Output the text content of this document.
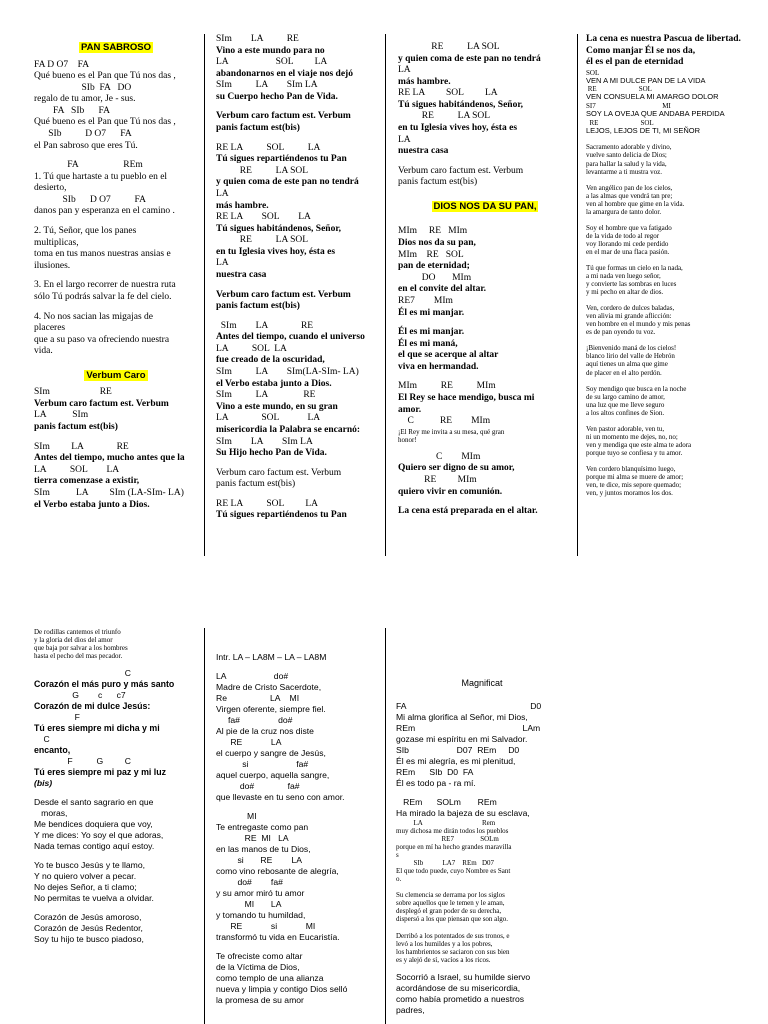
PAN SABROSO
FA D O7    FA
Qué bueno es el Pan que Tú nos das ,
SIb  FA   DO
regalo de tu amor, Je - sus.
FA   SIb      FA
Qué bueno es el Pan que Tú nos das ,
SIb          D O7      FA
el Pan sabroso que eres Tú.
FA                   REm
1. Tú que hartaste a tu pueblo en el
desierto,
SIb      D O7          FA
danos pan y esperanza en el camino .
2. Tú, Señor, que los panes
multiplicas,
toma en tus manos nuestras ansias e
ilusiones.
3. En el largo recorrer de nuestra ruta
sólo Tú podrás salvar la fe del cielo.
4. No nos sacian las migajas de
placeres
que a su paso va ofreciendo nuestra
vida.
Verbum Caro
SIm                     RE
Verbum caro factum est. Verbum
LA           SIm
panis factum est(bis)
SIm         LA              RE
Antes del tiempo, mucho antes que la
LA          SOL        LA
tierra comenzase a existir,
SIm           LA         SIm (LA-SIm- LA)
el Verbo estaba junto a Dios.
SIm        LA          RE
Vino a este mundo para no
LA                    SOL         LA
abandonarnos en el viaje nos dejó
SIm          LA        SIm LA
su Cuerpo hecho Pan de Vida.
Verbum caro factum est. Verbum
panis factum est(bis)
RE LA          SOL          LA
Tú sigues repartiéndenos tu Pan
RE          LA SOL
y quien coma de este pan no tendrá
LA
más hambre.
RE LA        SOL        LA
Tú sigues habitándenos, Señor,
RE          LA SOL
en tu Iglesia vives hoy, ésta es
LA
nuestra casa
Verbum caro factum est. Verbum
panis factum est(bis)
SIm        LA              RE
Antes del tiempo, cuando el universo
LA          SOL  LA
fue creado de la oscuridad,
SIm          LA        SIm(LA-SIm- LA)
el Verbo estaba junto a Dios.
SIm          LA               RE
Vino a este mundo, en su gran
LA              SOL            LA
misericordia la Palabra se encarnó:
SIm        LA        SIm LA
Su Hijo hecho Pan de Vida.
Verbum caro factum est. Verbum
panis factum est(bis)
RE LA          SOL         LA
Tú sigues repartiéndenos tu Pan
RE          LA SOL
y quien coma de este pan no tendrá
LA
más hambre.
RE LA         SOL         LA
Tú sigues habitándenos, Señor,
RE          LA SOL
en tu Iglesia vives hoy, ésta es
LA
nuestra casa
Verbum caro factum est. Verbum
panis factum est(bis)
DIOS NOS DA SU PAN,
MIm     RE   MIm
Dios nos da su pan,
MIm    RE   SOL
pan de eternidad;
DO       MIm
en el convite del altar.
RE7        MIm
Él es mi manjar.
Él es mi manjar.
Él es mi maná,
el que se acerque al altar
viva en hermandad.
MIm          RE          MIm
El Rey se hace mendigo, busca mi
amor.
C           RE        MIm
¡El Rey me invita a su mesa, qué gran
honor!
C        MIm
Quiero ser digno de su amor,
RE         MIm
quiero vivir en comunión.
La cena está preparada en el altar.
La cena es nuestra Pascua de libertad.
Como manjar Él se nos da,
él es el pan de eternidad
SOL
VEN A MI DULCE PAN DE LA VIDA
RE                        SOL
VEN CONSUELA MI AMARGO DOLOR
SI7                                      MI
SOY LA OVEJA QUE ANDABA PERDIDA
RE                        SOL
LEJOS, LEJOS DE TI, MI SEÑOR
Sacramento adorable y divino,
vuelve santo delicia de Dios;
para hallar la salud y la vida,
levantarme a ti mustra voz.
Ven angélico pan de los cielos,
a las almas que vendrá tan pre;
ven al hombre que gime en la vida.
la amargura de tanto dolor.
Soy el hombre que va fatigado
de la vida de todo al regor
voy llorando mi cede perdido
en el mar de una flaca pasión.
Tú que formas un cielo en la nada,
a mi nada ven luego señor,
y convierte las sombras en luces
y mi pecho en altar de dios.
Ven, cordero de dulces baladas,
ven alivia mi grande aflicción:
ven hombre en el mundo y mis penas
es de pan oyendo tu voz.
¡Bienvenido maná de los cielos!
blanco lirio del valle de Hebrón
aquí tienes un alma que gime
de placer en el alto perdón.
Soy mendigo que busca en la noche
de su largo camino de amor,
una luz que me lleve seguro
a los altos confines de Sion.
Ven pastor adorable, ven tu,
ni un momento me dejes, no, no;
ven y mendiga que este alma te adora
porque tuyo se confiesa y tu amor.
Ven cordero blanquísimo luego,
porque mi alma se muere de amor;
ven, te dice, mis sepore quemado;
ven, y juntos moramos los dos.
De rodillas cantemos el triunfo
y la gloria del dios del amor
que baja por salvar a los hombres
hasta el pecho del mas pecador.
C
Corazón el más puro y más santo
G        c      c7
Corazón de mi dulce Jesús:
F
Tú eres siempre mi dicha y mi
C
encanto,
F          G         C
Tú eres siempre mi paz y mi luz
(bis)
Desde el santo sagrario en que
moras,
Me bendices doquiera que voy,
Y me dices: Yo soy el que adoras,
Nada temas contigo aquí estoy.
Yo te busco Jesús y te llamo,
Y no quiero volver a pecar.
No dejes Señor, a ti clamo;
No permitas te vuelva a olvidar.
Corazón de Jesús amoroso,
Corazón de Jesús Redentor,
Soy tu hijo te busco piadoso,
Intr. LA – LA8M – LA – LA8M
LA                    do#
Madre de Cristo Sacerdote,
Re                  LA    MI
Virgen oferente, siempre fiel.
fa#                do#
Al pie de la cruz nos diste
RE            LA
el cuerpo y sangre de Jesús,
si                    fa#
aquel cuerpo, aquella sangre,
do#              fa#
que llevaste en tu seno con amor.
MI
Te entregaste como pan
RE  MI   LA
en las manos de tu Dios,
si       RE        LA
como vino rebosante de alegría,
do#        fa#
y su amor miró tu amor
MI       LA
y tomando tu humildad,
RE            si            MI
transformó tu vida en Eucaristía.
Te ofreciste como altar
de la Víctima de Dios,
como templo de una alianza
nueva y limpia y contigo Dios selló
la promesa de su amor
Magnificat
FA                                                    D0
Mi alma glorifica al Señor, mi Dios,
REm                                             LAm
gozase mi espíritu en mi Salvador.
SIb                    D07  REm     D0
Él es mi alegría, es mi plenitud,
REm      SIb  D0  FA
Él es todo pa - ra mí.
REm      SOLm       REm
Ha mirado la bajeza de su esclava,
LA                                  Rem
muy dichosa me dirán todos los pueblos
RE7               SOLm
porque en mí ha hecho grandes maravilla
s
SIb           LA7    REm   D07
El que todo puede, cuyo Nombre es Sant
o.
Su clemencia se derrama por los siglos
sobre aquellos que le temen y le aman,
desplegó el gran poder de su derecha,
dispersó a los que piensan que son algo.
Derribó a los potentados de sus tronos, e
levó a los humildes y a los pobres,
los hambrientos se saciaron con sus bien
es y alejó de sí, vacíos a los ricos.
Socorrió a Israel, su humilde siervo
acordándose de su misericordia,
como había prometido a nuestros
padres,
